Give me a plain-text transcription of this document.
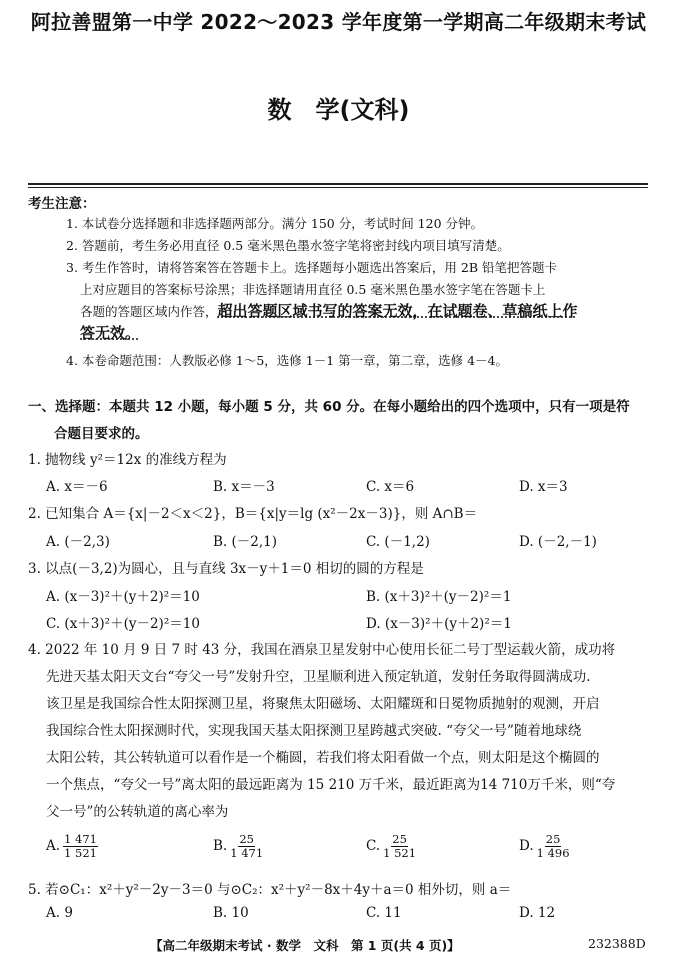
阿拉善盟第一中学 2022～2023 学年度第一学期高二年级期末考试
数　学(文科)
考生注意：
1. 本试卷分选择题和非选择题两部分。满分 150 分，考试时间 120 分钟。
2. 答题前，考生务必用直径 0.5 毫米黑色墨水签字笔将密封线内项目填写清楚。
3. 考生作答时，请将答案答在答题卡上。选择题每小题选出答案后，用 2B 铅笔把答题卡
上对应题目的答案标号涂黑；非选择题请用直径 0.5 毫米黑色墨水签字笔在答题卡上
各题的答题区域内作答，超出答题区域书写的答案无效，在试题卷、草稿纸上作
答无效。
4. 本卷命题范围：人教版必修 1～5，选修 1－1 第一章，第二章，选修 4－4。
一、选择题：本题共 12 小题，每小题 5 分，共 60 分。在每小题给出的四个选项中，只有一项是符
合题目要求的。
1. 抛物线 y²＝12x 的准线方程为
A. x＝－6	B. x＝－3	C. x＝6	D. x＝3
2. 已知集合 A＝{x|－2＜x＜2}，B＝{x|y＝lg (x²－2x－3)}，则 A∩B＝
A. (－2,3)	B. (－2,1)	C. (－1,2)	D. (－2,－1)
3. 以点(－3,2)为圆心，且与直线 3x－y＋1＝0 相切的圆的方程是
A. (x－3)²＋(y＋2)²＝10	B. (x＋3)²＋(y－2)²＝1
C. (x＋3)²＋(y－2)²＝10	D. (x－3)²＋(y＋2)²＝1
4. 2022 年 10 月 9 日 7 时 43 分，我国在酒泉卫星发射中心使用长征二号丁型运载火箭，成功将
先进天基太阳天文台“夸父一号”发射升空，卫星顺利进入预定轨道，发射任务取得圆满成功.
该卫星是我国综合性太阳探测卫星，将聚焦太阳磁场、太阳耀斑和日冕物质抛射的观测，开启
我国综合性太阳探测时代，实现我国天基太阳探测卫星跨越式突破. “夸父一号”随着地球绕
太阳公转，其公转轨道可以看作是一个椭圆，若我们将太阳看做一个点，则太阳是这个椭圆的
一个焦点，“夸父一号”离太阳的最远距离为 15 210 万千米，最近距离为14 710万千米，则“夸
父一号”的公转轨道的离心率为
A. $\frac{1 471}{1 521}$	B. $\frac{25}{1 471}$	C. $\frac{25}{1 521}$	D. $\frac{25}{1 496}$
5. 若⊙C₁：x²＋y²－2y－3＝0 与⊙C₂：x²＋y²－8x＋4y＋a＝0 相外切，则 a＝
A. 9	B. 10	C. 11	D. 12
【高二年级期末考试 · 数学　文科　第 1 页(共 4 页)】	232388D
